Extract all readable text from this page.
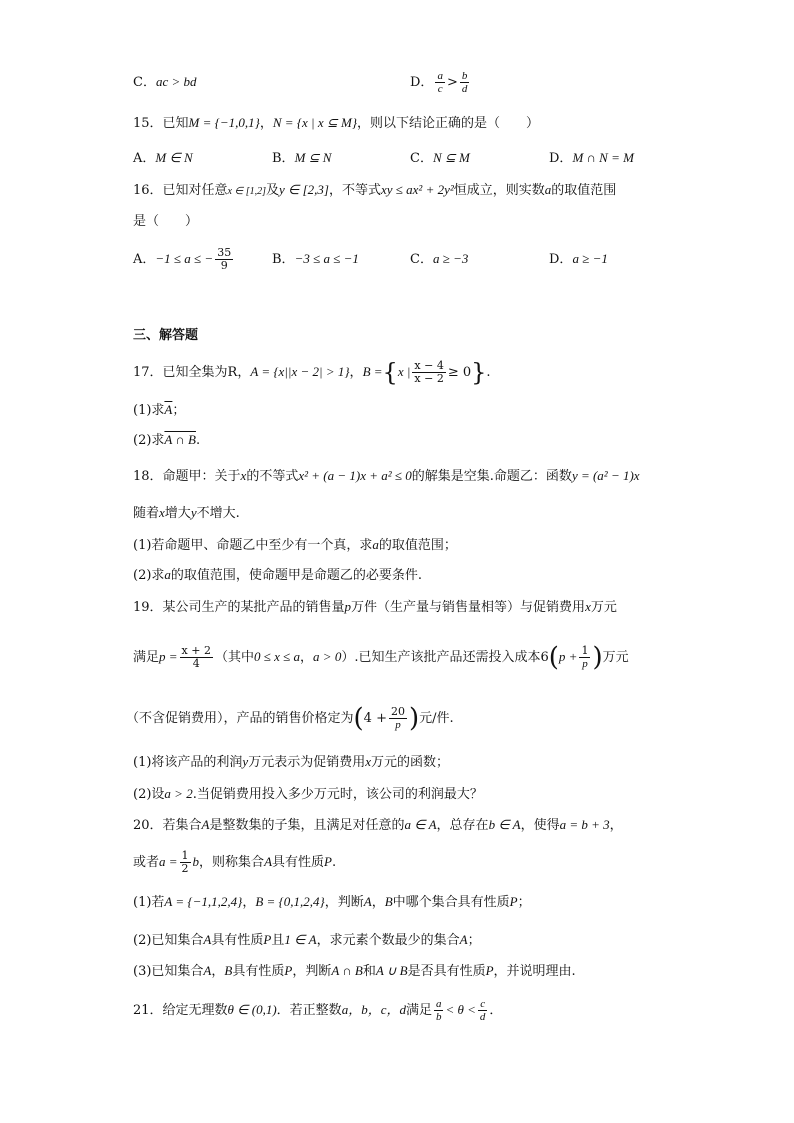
C．ac > bd	D． $\frac{a}{c} > \frac{b}{d}$
15．已知M = {−1,0,1}，N = {x | x ⊆ M}，则以下结论正确的是（　　）
A．M ∈ N	B．M ⊆ N	C．N ⊆ M	D．M ∩ N = M
16．已知对任意x ∈ [1,2]及y ∈ [2,3]，不等式xy ≤ ax² + 2y²恒成立，则实数a的取值范围
是（　　）
A．−1 ≤ a ≤ − $\frac{35}{9}$	B．−3 ≤ a ≤ −1	C．a ≥ −3	D．a ≥ −1
三、解答题
17．已知全集为R，A = {x||x − 2| > 1}，B ={x | $\frac{x - 4}{x - 2} \ge 0$}.
(1)求$\overline{A}$；
(2)求A ∩ B.
18．命题甲：关于x的不等式x² + (a − 1)x + a² ≤ 0的解集是空集.命题乙：函数y = (a² − 1)x
随着x增大y不增大.
(1)若命题甲、命题乙中至少有一个真，求a的取值范围；
(2)求a的取值范围，使命题甲是命题乙的必要条件.
19．某公司生产的某批产品的销售量p万件（生产量与销售量相等）与促销费用x万元
满足$p = \frac{x + 2}{4}$ （其中0 ≤ x ≤ a，a > 0）.已知生产该批产品还需投入成本$6(p + \frac{1}{p}$ )万元
（不含促销费用），产品的销售价格定为($4 + \frac{20}{p}$ )元/件.
(1)将该产品的利润y万元表示为促销费用x万元的函数；
(2)设a > 2.当促销费用投入多少万元时，该公司的利润最大？
20．若集合A是整数集的子集，且满足对任意的a ∈ A，总存在b ∈ A，使得a = b + 3，
或者$a = \frac{1}{2}$ b，则称集合A具有性质P.
(1)若A = {−1,1,2,4}，B = {0,1,2,4}，判断A，B中哪个集合具有性质P；
(2)已知集合A具有性质P且1 ∈ A，求元素个数最少的集合A；
(3)已知集合A，B具有性质P，判断A ∩ B和A ∪ B是否具有性质P，并说明理由.
21．给定无理数θ ∈ (0,1)．若正整数a，b，c，d满足 $\frac{a}{b} < \theta < \frac{c}{d}$ ．
